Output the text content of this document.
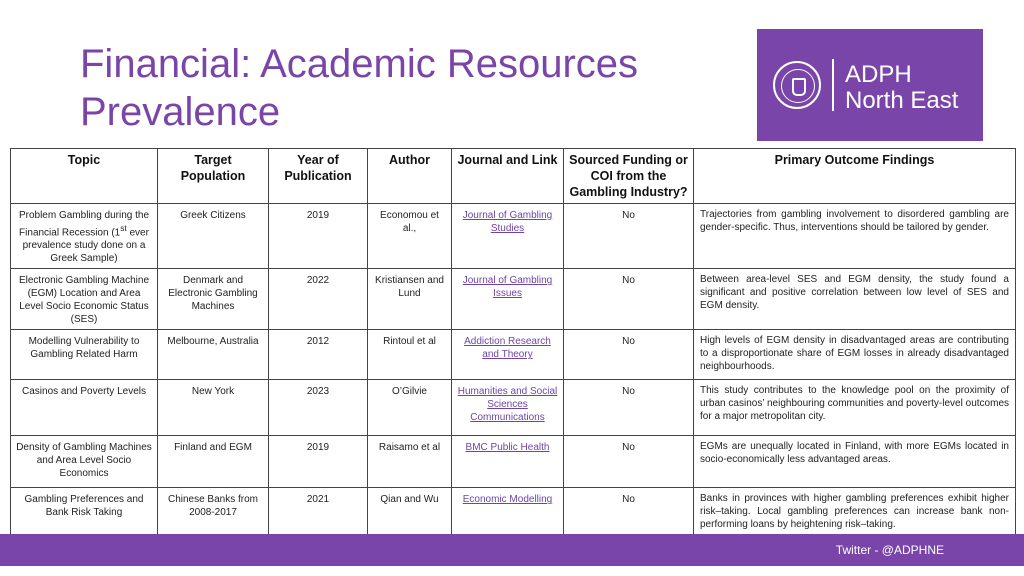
Financial: Academic Resources
Prevalence
ADPH
North East
Topic	Target Population	Year of Publication	Author	Journal and Link	Sourced Funding or COI from the Gambling Industry?	Primary Outcome Findings
Problem Gambling during the Financial Recession (1st ever prevalence study done on a Greek Sample)	Greek Citizens	2019	Economou et al.,	Journal of Gambling Studies	No	Trajectories from gambling involvement to disordered gambling are gender-specific. Thus, interventions should be tailored by gender.
Electronic Gambling Machine (EGM) Location and Area Level Socio Economic Status (SES)	Denmark and Electronic Gambling Machines	2022	Kristiansen and Lund	Journal of Gambling Issues	No	Between area-level SES and EGM density, the study found a significant and positive correlation between low level of SES and EGM density.
Modelling Vulnerability to Gambling Related Harm	Melbourne, Australia	2012	Rintoul et al	Addiction Research and Theory	No	High levels of EGM density in disadvantaged areas are contributing to a disproportionate share of EGM losses in already disadvantaged neighbourhoods.
Casinos and Poverty Levels	New York	2023	O’Gilvie	Humanities and Social Sciences Communications	No	This study contributes to the knowledge pool on the proximity of urban casinos’ neighbouring communities and poverty-level outcomes for a major metropolitan city.
Density of Gambling Machines and Area Level Socio Economics	Finland and EGM	2019	Raisamo et al	BMC Public Health	No	EGMs are unequally located in Finland, with more EGMs located in socio-economically less advantaged areas.
Gambling Preferences and Bank Risk Taking	Chinese Banks from 2008-2017	2021	Qian and Wu	Economic Modelling	No	Banks in provinces with higher gambling preferences exhibit higher risk–taking. Local gambling preferences can increase bank non-performing loans by heightening risk–taking.
Twitter - @ADPHNE
